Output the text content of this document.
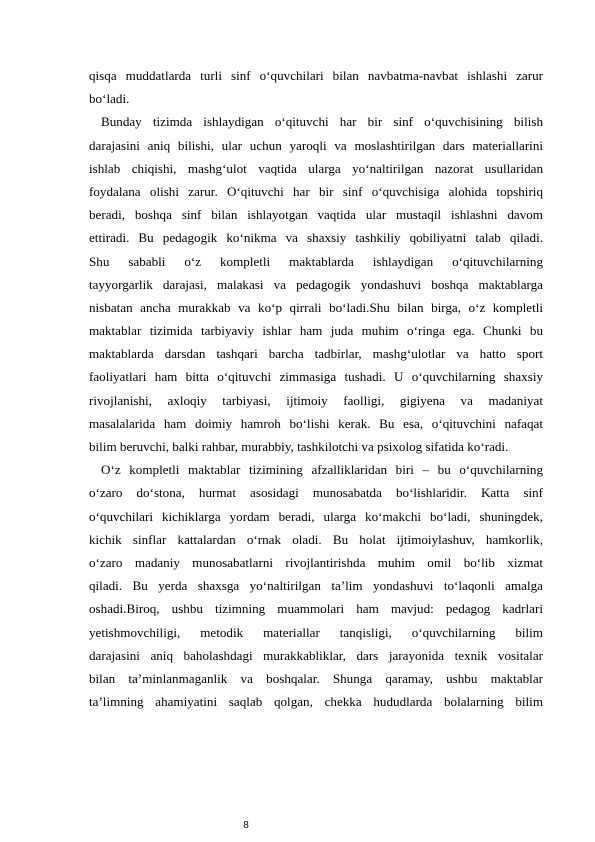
qisqa muddatlarda turli sinf o‘quvchilari bilan navbatma-navbat ishlashi zarur
bo‘ladi.
Bunday tizimda ishlaydigan o‘qituvchi har bir sinf o‘quvchisining bilish
darajasini aniq bilishi, ular uchun yaroqli va moslashtirilgan dars materiallarini
ishlab chiqishi, mashg‘ulot vaqtida ularga yo‘naltirilgan nazorat usullaridan
foydalana olishi zarur. O‘qituvchi har bir sinf o‘quvchisiga alohida topshiriq
beradi, boshqa sinf bilan ishlayotgan vaqtida ular mustaqil ishlashni davom
ettiradi. Bu pedagogik ko‘nikma va shaxsiy tashkiliy qobiliyatni talab qiladi.
Shu sababli o‘z kompletli maktablarda ishlaydigan o‘qituvchilarning
tayyorgarlik darajasi, malakasi va pedagogik yondashuvi boshqa maktablarga
nisbatan ancha murakkab va ko‘p qirrali bo‘ladi.Shu bilan birga, o‘z kompletli
maktablar tizimida tarbiyaviy ishlar ham juda muhim o‘ringa ega. Chunki bu
maktablarda darsdan tashqari barcha tadbirlar, mashg‘ulotlar va hatto sport
faoliyatlari ham bitta o‘qituvchi zimmasiga tushadi. U o‘quvchilarning shaxsiy
rivojlanishi, axloqiy tarbiyasi, ijtimoiy faolligi, gigiyena va madaniyat
masalalarida ham doimiy hamroh bo‘lishi kerak. Bu esa, o‘qituvchini nafaqat
bilim beruvchi, balki rahbar, murabbiy, tashkilotchi va psixolog sifatida ko‘radi.
O‘z kompletli maktablar tizimining afzalliklaridan biri – bu o‘quvchilarning
o‘zaro do‘stona, hurmat asosidagi munosabatda bo‘lishlaridir. Katta sinf
o‘quvchilari kichiklarga yordam beradi, ularga ko‘makchi bo‘ladi, shuningdek,
kichik sinflar kattalardan o‘rnak oladi. Bu holat ijtimoiylashuv, hamkorlik,
o‘zaro madaniy munosabatlarni rivojlantirishda muhim omil bo‘lib xizmat
qiladi. Bu yerda shaxsga yo‘naltirilgan ta’lim yondashuvi to‘laqonli amalga
oshadi.Biroq, ushbu tizimning muammolari ham mavjud: pedagog kadrlari
yetishmovchiligi, metodik materiallar tanqisligi, o‘quvchilarning bilim
darajasini aniq baholashdagi murakkabliklar, dars jarayonida texnik vositalar
bilan ta’minlanmaganlik va boshqalar. Shunga qaramay, ushbu maktablar
ta’limning ahamiyatini saqlab qolgan, chekka hududlarda bolalarning bilim
8
